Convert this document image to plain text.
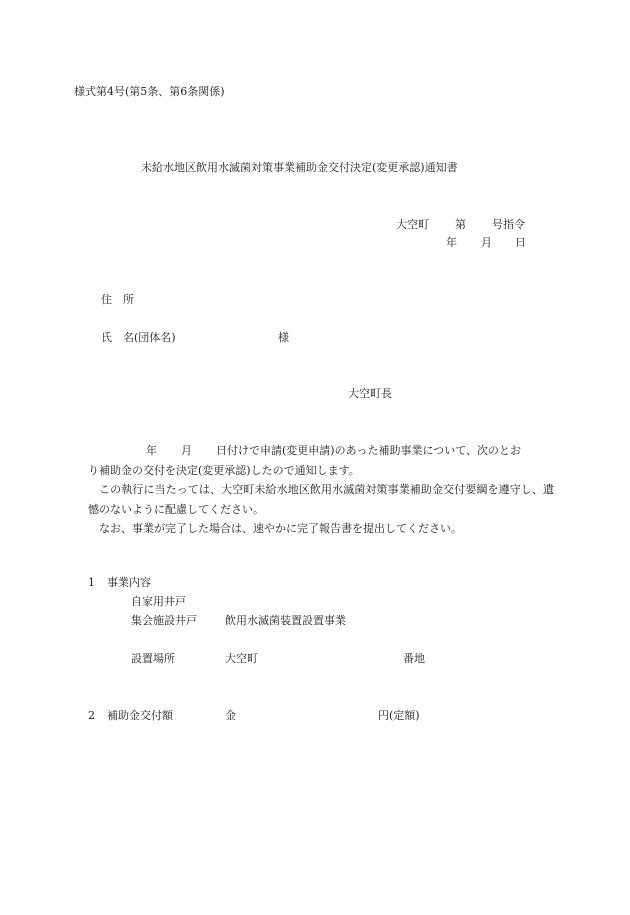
様式第4号(第5条、第6条関係)
未給水地区飲用水滅菌対策事業補助金交付決定(変更承認)通知書
大空町 第 号指令
年 月 日
住　所
氏　名(団体名)	様
大空町長

年 月 日付けで申請(変更申請)のあった補助事業について、次のとお

り補助金の交付を決定(変更承認)したので通知します。

この執行に当たっては、大空町未給水地区飲用水滅菌対策事業補助金交付要綱を遵守し、遺憾のないように配慮してください。

なお、事業が完了した場合は、速やかに完了報告書を提出してください。

1 事業内容
自家用井戸
集会施設井戸	飲用水滅菌装置設置事業
設置場所	大空町	番地
2 補助金交付額	金	円(定額)
